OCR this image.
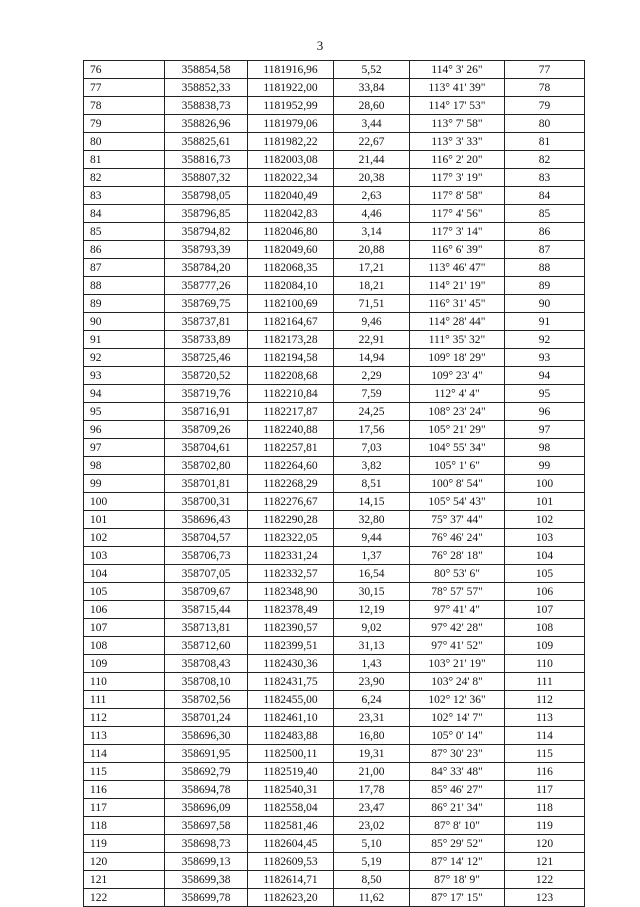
3
76	358854,58	1181916,96	5,52	114° 3' 26"	77
77	358852,33	1181922,00	33,84	113° 41' 39"	78
78	358838,73	1181952,99	28,60	114° 17' 53"	79
79	358826,96	1181979,06	3,44	113° 7' 58"	80
80	358825,61	1181982,22	22,67	113° 3' 33"	81
81	358816,73	1182003,08	21,44	116° 2' 20"	82
82	358807,32	1182022,34	20,38	117° 3' 19"	83
83	358798,05	1182040,49	2,63	117° 8' 58"	84
84	358796,85	1182042,83	4,46	117° 4' 56"	85
85	358794,82	1182046,80	3,14	117° 3' 14"	86
86	358793,39	1182049,60	20,88	116° 6' 39"	87
87	358784,20	1182068,35	17,21	113° 46' 47"	88
88	358777,26	1182084,10	18,21	114° 21' 19"	89
89	358769,75	1182100,69	71,51	116° 31' 45"	90
90	358737,81	1182164,67	9,46	114° 28' 44"	91
91	358733,89	1182173,28	22,91	111° 35' 32"	92
92	358725,46	1182194,58	14,94	109° 18' 29"	93
93	358720,52	1182208,68	2,29	109° 23' 4"	94
94	358719,76	1182210,84	7,59	112° 4' 4"	95
95	358716,91	1182217,87	24,25	108° 23' 24"	96
96	358709,26	1182240,88	17,56	105° 21' 29"	97
97	358704,61	1182257,81	7,03	104° 55' 34"	98
98	358702,80	1182264,60	3,82	105° 1' 6"	99
99	358701,81	1182268,29	8,51	100° 8' 54"	100
100	358700,31	1182276,67	14,15	105° 54' 43"	101
101	358696,43	1182290,28	32,80	75° 37' 44"	102
102	358704,57	1182322,05	9,44	76° 46' 24"	103
103	358706,73	1182331,24	1,37	76° 28' 18"	104
104	358707,05	1182332,57	16,54	80° 53' 6"	105
105	358709,67	1182348,90	30,15	78° 57' 57"	106
106	358715,44	1182378,49	12,19	97° 41' 4"	107
107	358713,81	1182390,57	9,02	97° 42' 28"	108
108	358712,60	1182399,51	31,13	97° 41' 52"	109
109	358708,43	1182430,36	1,43	103° 21' 19"	110
110	358708,10	1182431,75	23,90	103° 24' 8"	111
111	358702,56	1182455,00	6,24	102° 12' 36"	112
112	358701,24	1182461,10	23,31	102° 14' 7"	113
113	358696,30	1182483,88	16,80	105° 0' 14"	114
114	358691,95	1182500,11	19,31	87° 30' 23"	115
115	358692,79	1182519,40	21,00	84° 33' 48"	116
116	358694,78	1182540,31	17,78	85° 46' 27"	117
117	358696,09	1182558,04	23,47	86° 21' 34"	118
118	358697,58	1182581,46	23,02	87° 8' 10"	119
119	358698,73	1182604,45	5,10	85° 29' 52"	120
120	358699,13	1182609,53	5,19	87° 14' 12"	121
121	358699,38	1182614,71	8,50	87° 18' 9"	122
122	358699,78	1182623,20	11,62	87° 17' 15"	123
